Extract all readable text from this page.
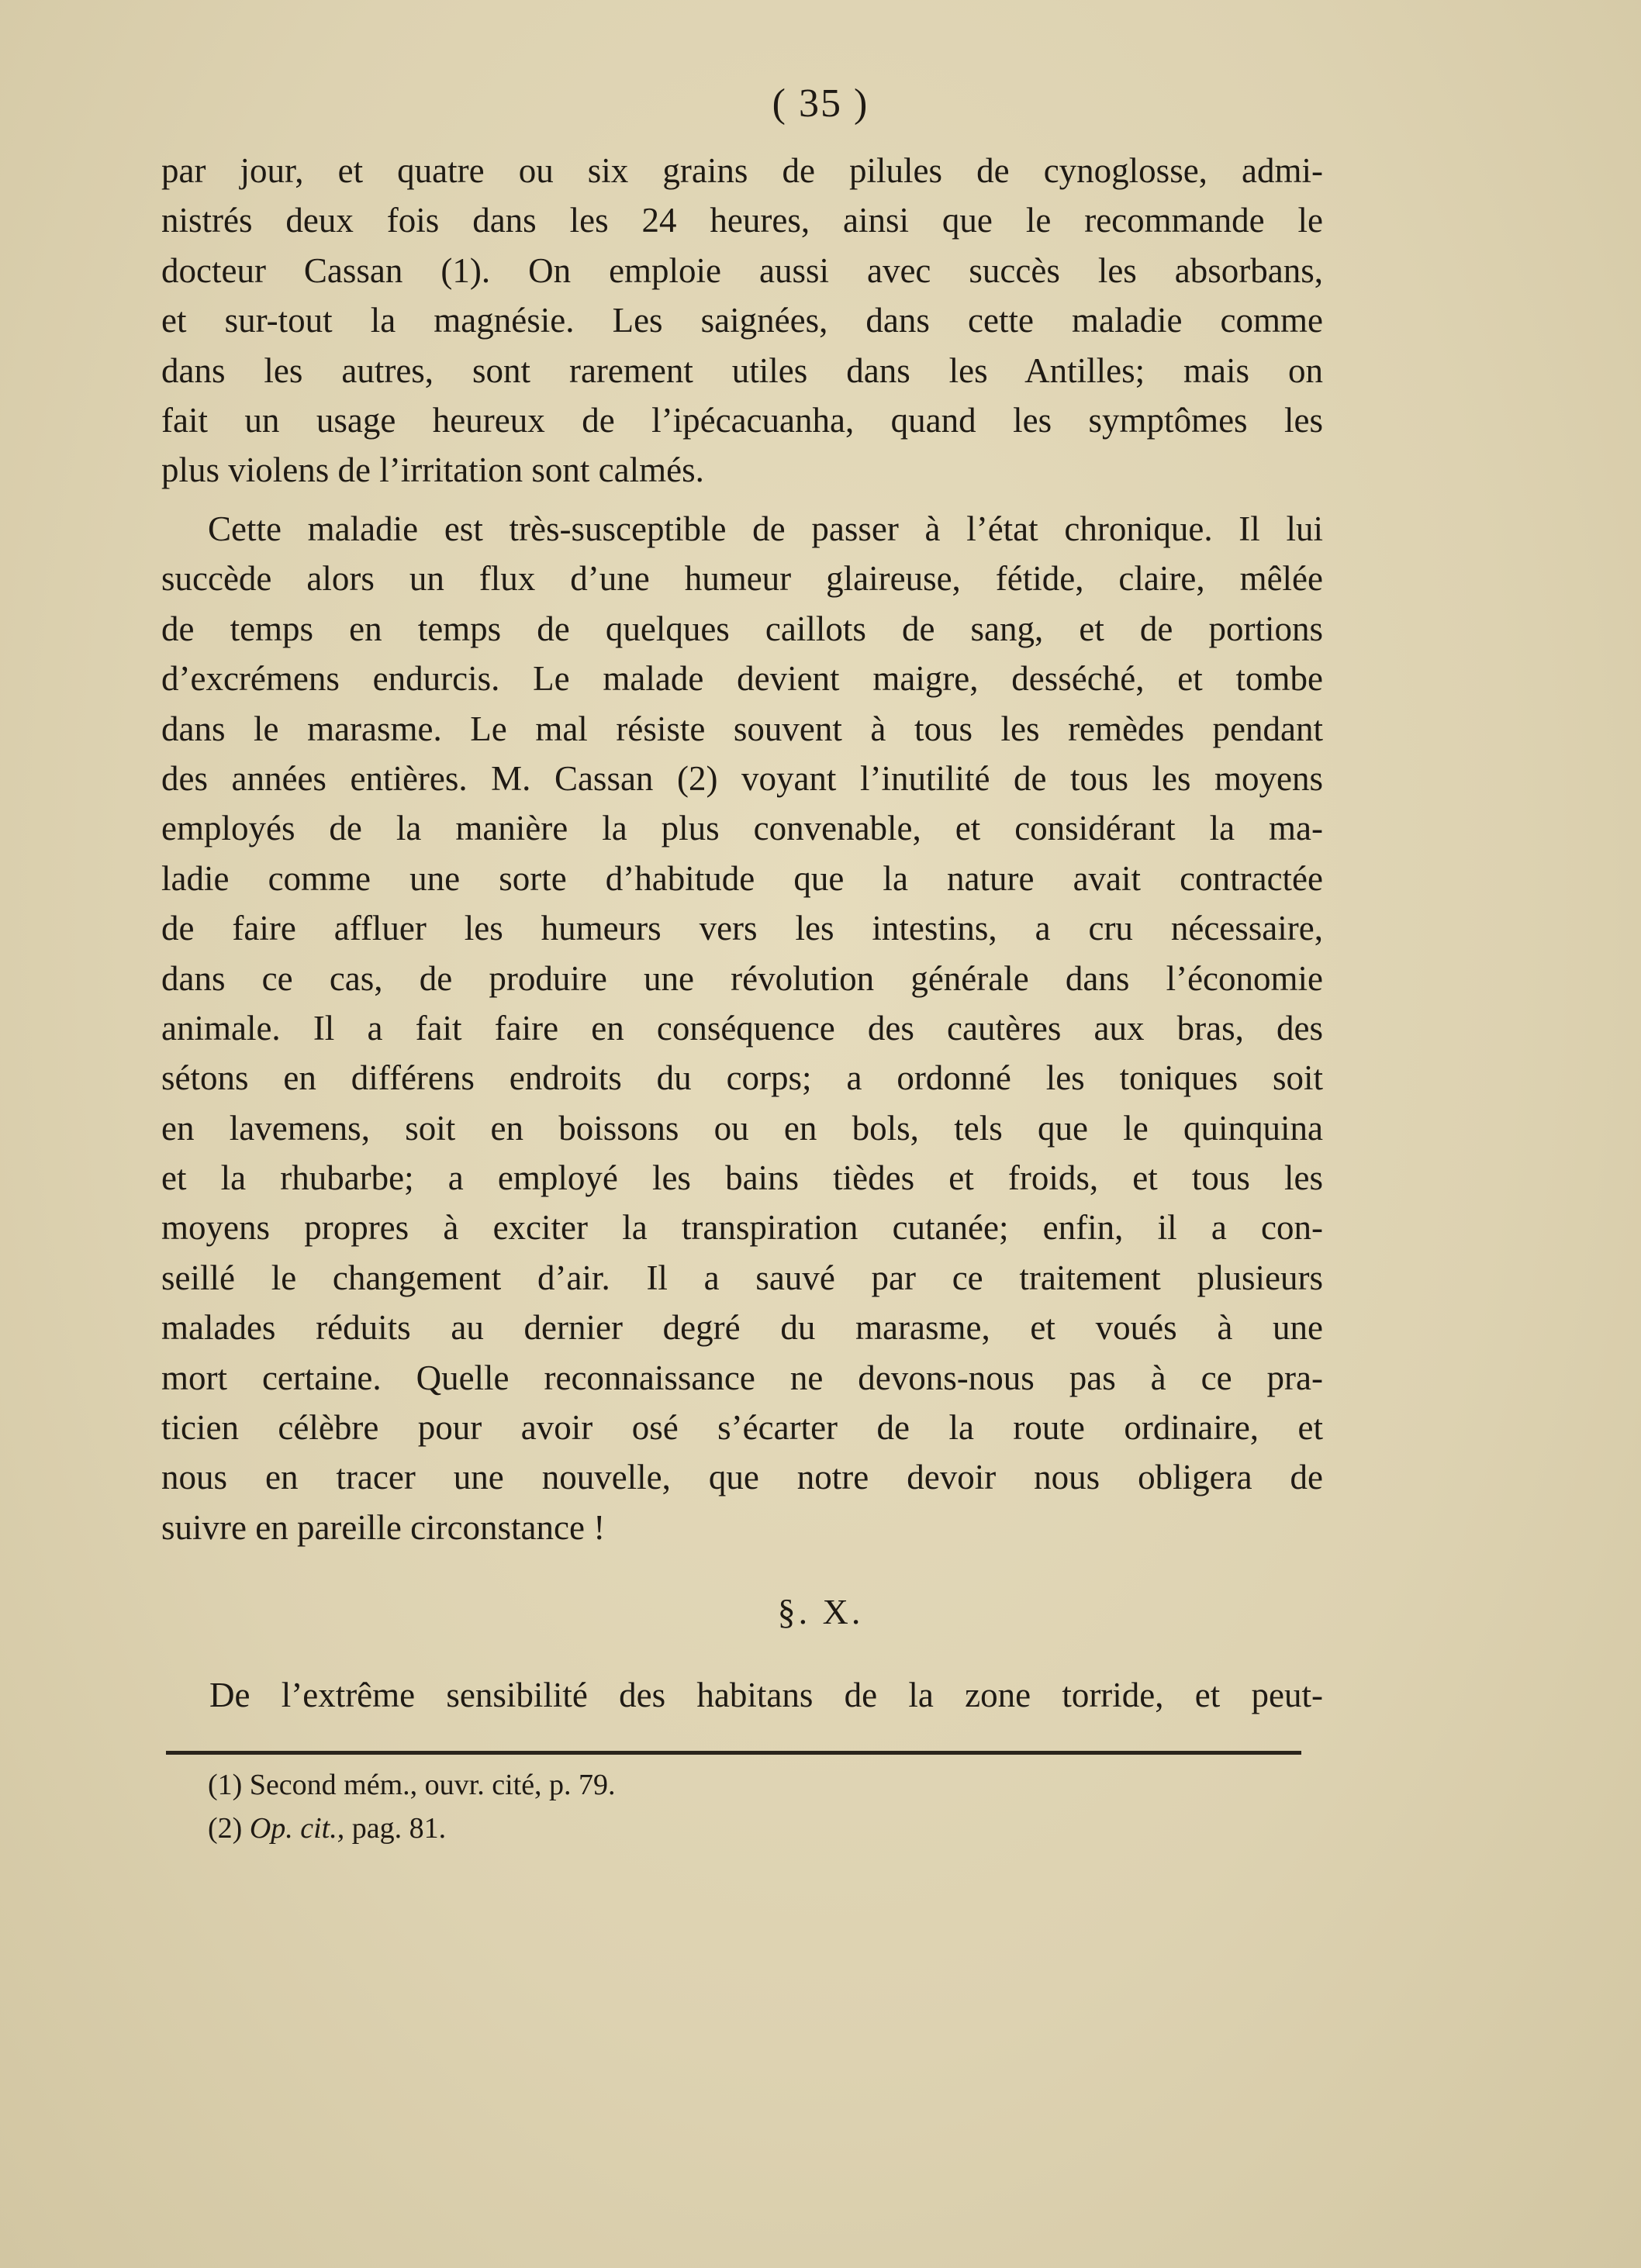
( 35 )
par jour, et quatre ou six grains de pilules de cynoglosse, admi-
nistrés deux fois dans les 24 heures, ainsi que le recommande le
docteur Cassan (1). On emploie aussi avec succès les absorbans,
et sur-tout la magnésie. Les saignées, dans cette maladie comme
dans les autres, sont rarement utiles dans les Antilles; mais on
fait un usage heureux de l’ipécacuanha, quand les symptômes les
plus violens de l’irritation sont calmés.
Cette maladie est très-susceptible de passer à l’état chronique. Il lui
succède alors un flux d’une humeur glaireuse, fétide, claire, mêlée
de temps en temps de quelques caillots de sang, et de portions
d’excrémens endurcis. Le malade devient maigre, desséché, et tombe
dans le marasme. Le mal résiste souvent à tous les remèdes pendant
des années entières. M. Cassan (2) voyant l’inutilité de tous les moyens
employés de la manière la plus convenable, et considérant la ma-
ladie comme une sorte d’habitude que la nature avait contractée
de faire affluer les humeurs vers les intestins, a cru nécessaire,
dans ce cas, de produire une révolution générale dans l’économie
animale. Il a fait faire en conséquence des cautères aux bras, des
sétons en différens endroits du corps; a ordonné les toniques soit
en lavemens, soit en boissons ou en bols, tels que le quinquina
et la rhubarbe; a employé les bains tièdes et froids, et tous les
moyens propres à exciter la transpiration cutanée; enfin, il a con-
seillé le changement d’air. Il a sauvé par ce traitement plusieurs
malades réduits au dernier degré du marasme, et voués à une
mort certaine. Quelle reconnaissance ne devons-nous pas à ce pra-
ticien célèbre pour avoir osé s’écarter de la route ordinaire, et
nous en tracer une nouvelle, que notre devoir nous obligera de
suivre en pareille circonstance !
§. X.
De l’extrême sensibilité des habitans de la zone torride, et peut-
(1) Second mém., ouvr. cité, p. 79.
(2) Op. cit., pag. 81.
